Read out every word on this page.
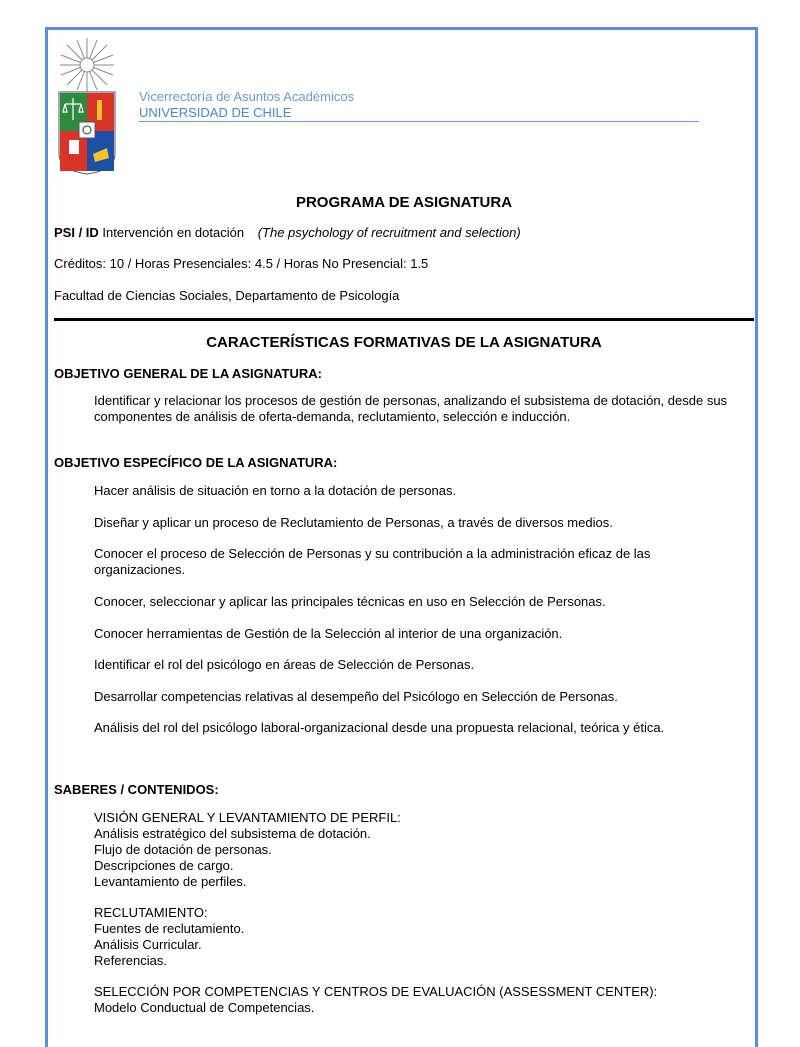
Vicerrectoría de Asuntos Académicos
UNIVERSIDAD DE CHILE
PROGRAMA DE ASIGNATURA
PSI / ID Intervención en dotación (The psychology of recruitment and selection)
Créditos: 10 / Horas Presenciales: 4.5 / Horas No Presencial: 1.5
Facultad de Ciencias Sociales, Departamento de Psicología
CARACTERÍSTICAS FORMATIVAS DE LA ASIGNATURA
OBJETIVO GENERAL DE LA ASIGNATURA:
Identificar y relacionar los procesos de gestión de personas, analizando el subsistema de dotación, desde sus componentes de análisis de oferta-demanda, reclutamiento, selección e inducción.
OBJETIVO ESPECÍFICO DE LA ASIGNATURA:
Hacer análisis de situación en torno a la dotación de personas.
Diseñar y aplicar un proceso de Reclutamiento de Personas, a través de diversos medios.
Conocer el proceso de Selección de Personas y su contribución a la administración eficaz de las organizaciones.
Conocer, seleccionar y aplicar las principales técnicas en uso en Selección de Personas.
Conocer herramientas de Gestión de la Selección al interior de una organización.
Identificar el rol del psicólogo en áreas de Selección de Personas.
Desarrollar competencias relativas al desempeño del Psicólogo en Selección de Personas.
Análisis del rol del psicólogo laboral-organizacional desde una propuesta relacional, teórica y ética.
SABERES / CONTENIDOS:
VISIÓN GENERAL Y LEVANTAMIENTO DE PERFIL:
Análisis estratégico del subsistema de dotación.
Flujo de dotación de personas.
Descripciones de cargo.
Levantamiento de perfiles.
RECLUTAMIENTO:
Fuentes de reclutamiento.
Análisis Curricular.
Referencias.
SELECCIÓN POR COMPETENCIAS Y CENTROS DE EVALUACIÓN (ASSESSMENT CENTER):
Modelo Conductual de Competencias.
